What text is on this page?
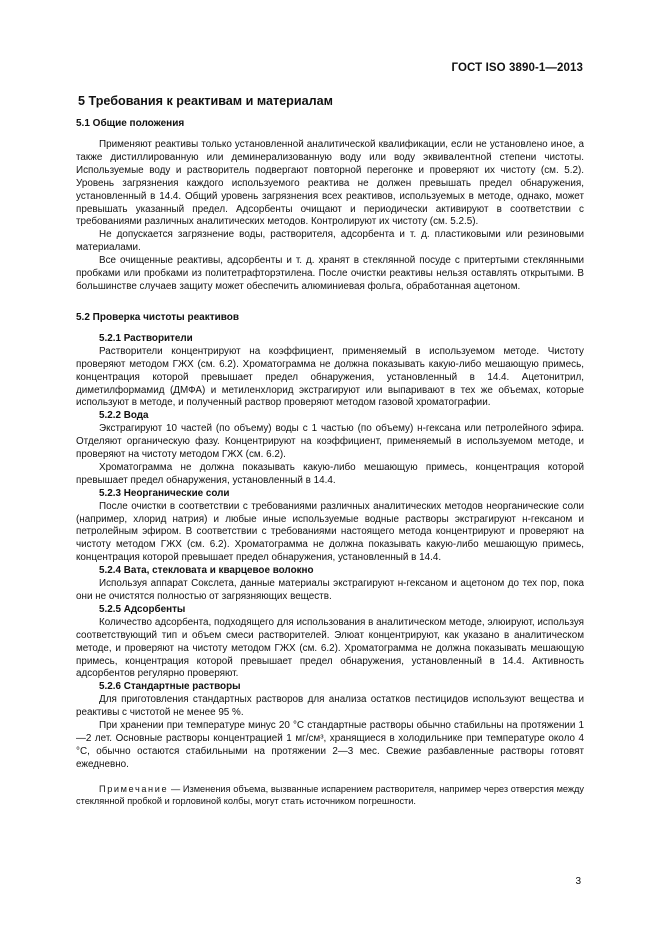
ГОСТ ISO 3890-1—2013
5 Требования к реактивам и материалам
5.1 Общие положения

Применяют реактивы только установленной аналитической квалификации, если не установлено иное, а также дистиллированную или деминерализованную воду или воду эквивалентной степени чистоты. Используемые воду и растворитель подвергают повторной перегонке и проверяют их чистоту (см. 5.2). Уровень загрязнения каждого используемого реактива не должен превышать предел обнаружения, установленный в 14.4. Общий уровень загрязнения всех реактивов, используемых в методе, однако, может превышать указанный предел. Адсорбенты очищают и периодически активируют в соответствии с требованиями различных аналитических методов. Контролируют их чистоту (см. 5.2.5).

Не допускается загрязнение воды, растворителя, адсорбента и т. д. пластиковыми или резиновыми материалами.

Все очищенные реактивы, адсорбенты и т. д. хранят в стеклянной посуде с притертыми стеклянными пробками или пробками из политетрафторэтилена. После очистки реактивы нельзя оставлять открытыми. В большинстве случаев защиту может обеспечить алюминиевая фольга, обработанная ацетоном.

5.2 Проверка чистоты реактивов
5.2.1 Растворители

Растворители концентрируют на коэффициент, применяемый в используемом методе. Чистоту проверяют методом ГЖХ (см. 6.2). Хроматограмма не должна показывать какую-либо мешающую примесь, концентрация которой превышает предел обнаружения, установленный в 14.4. Ацетонитрил, диметилформамид (ДМФА) и метиленхлорид экстрагируют или выпаривают в тех же объемах, которые используют в методе, и полученный раствор проверяют методом газовой хроматографии.

5.2.2 Вода

Экстрагируют 10 частей (по объему) воды с 1 частью (по объему) н-гексана или петролейного эфира. Отделяют органическую фазу. Концентрируют на коэффициент, применяемый в используемом методе, и проверяют на чистоту методом ГЖХ (см. 6.2).

Хроматограмма не должна показывать какую-либо мешающую примесь, концентрация которой превышает предел обнаружения, установленный в 14.4.

5.2.3 Неорганические соли

После очистки в соответствии с требованиями различных аналитических методов неорганические соли (например, хлорид натрия) и любые иные используемые водные растворы экстрагируют н-гексаном и петролейным эфиром. В соответствии с требованиями настоящего метода концентрируют и проверяют на чистоту методом ГЖХ (см. 6.2). Хроматограмма не должна показывать какую-либо мешающую примесь, концентрация которой превышает предел обнаружения, установленный в 14.4.

5.2.4 Вата, стекловата и кварцевое волокно

Используя аппарат Сокслета, данные материалы экстрагируют н-гексаном и ацетоном до тех пор, пока они не очистятся полностью от загрязняющих веществ.

5.2.5 Адсорбенты

Количество адсорбента, подходящего для использования в аналитическом методе, элюируют, используя соответствующий тип и объем смеси растворителей. Элюат концентрируют, как указано в аналитическом методе, и проверяют на чистоту методом ГЖХ (см. 6.2). Хроматограмма не должна показывать мешающую примесь, концентрация которой превышает предел обнаружения, установленный в 14.4. Активность адсорбентов регулярно проверяют.

5.2.6 Стандартные растворы

Для приготовления стандартных растворов для анализа остатков пестицидов используют вещества и реактивы с чистотой не менее 95 %.

При хранении при температуре минус 20 °С стандартные растворы обычно стабильны на протяжении 1—2 лет. Основные растворы концентрацией 1 мг/см³, хранящиеся в холодильнике при температуре около 4 °С, обычно остаются стабильными на протяжении 2—3 мес. Свежие разбавленные растворы готовят ежедневно.

Примечание — Изменения объема, вызванные испарением растворителя, например через отверстия между стеклянной пробкой и горловиной колбы, могут стать источником погрешности.
3
